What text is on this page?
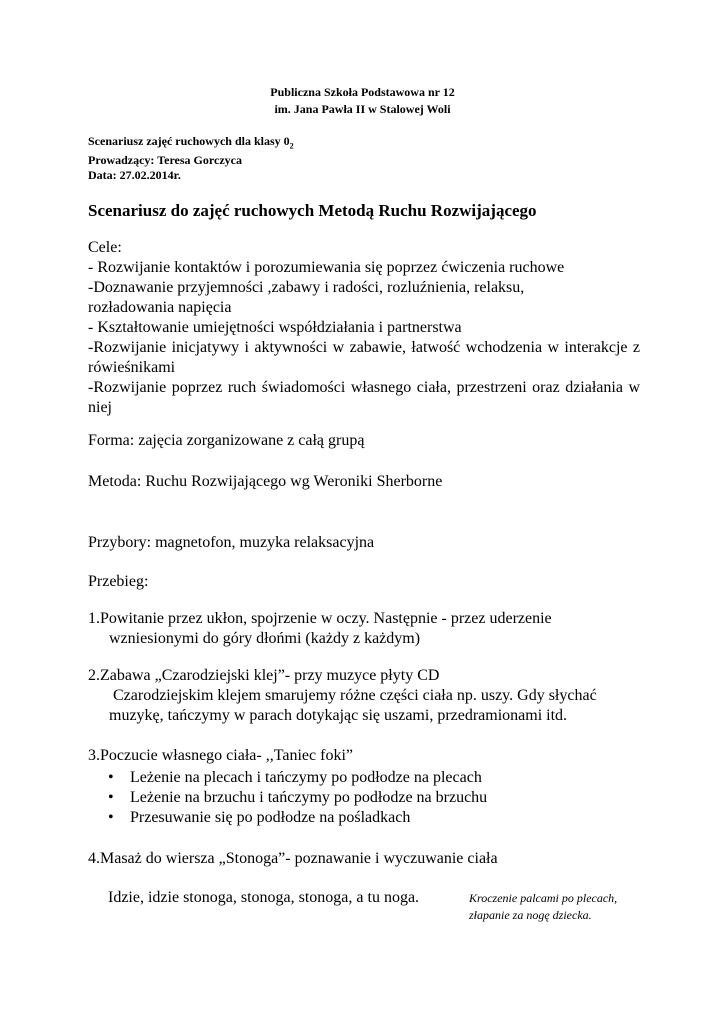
Publiczna Szkoła Podstawowa nr 12
im. Jana Pawła II w Stalowej Woli
Scenariusz zajęć ruchowych dla klasy $0_2$
Prowadzący: Teresa Gorczyca
Data: 27.02.2014r.
Scenariusz do zajęć ruchowych Metodą Ruchu Rozwijającego
Cele:
- Rozwijanie kontaktów i porozumiewania się poprzez ćwiczenia ruchowe
-Doznawanie przyjemności ,zabawy i radości, rozluźnienia, relaksu, rozładowania napięcia
- Kształtowanie umiejętności współdziałania i partnerstwa
-Rozwijanie inicjatywy i aktywności w zabawie, łatwość wchodzenia w interakcje z rówieśnikami
-Rozwijanie poprzez ruch świadomości własnego ciała, przestrzeni oraz działania w niej
Forma: zajęcia zorganizowane z całą grupą
Metoda: Ruchu Rozwijającego wg Weroniki Sherborne
Przybory: magnetofon, muzyka relaksacyjna
Przebieg:
1. Powitanie przez ukłon, spojrzenie w oczy. Następnie - przez uderzenie
wzniesionymi do góry dłońmi (każdy z każdym)
2. Zabawa „Czarodziejski klej”- przy muzyce płyty CD
Czarodziejskim klejem smarujemy różne części ciała np. uszy. Gdy słychać
muzykę, tańczymy w parach dotykając się uszami, przedramionami itd.
3. Poczucie własnego ciała- ,,Taniec foki”
• Leżenie na plecach i tańczymy po podłodze na plecach
• Leżenie na brzuchu i tańczymy po podłodze na brzuchu
• Przesuwanie się po podłodze na pośladkach
4. Masaż do wiersza „Stonoga”- poznawanie i wyczuwanie ciała
Idzie, idzie stonoga, stonoga, stonoga, a tu noga.	Kroczenie palcami po plecach,
złapanie za nogę dziecka.
